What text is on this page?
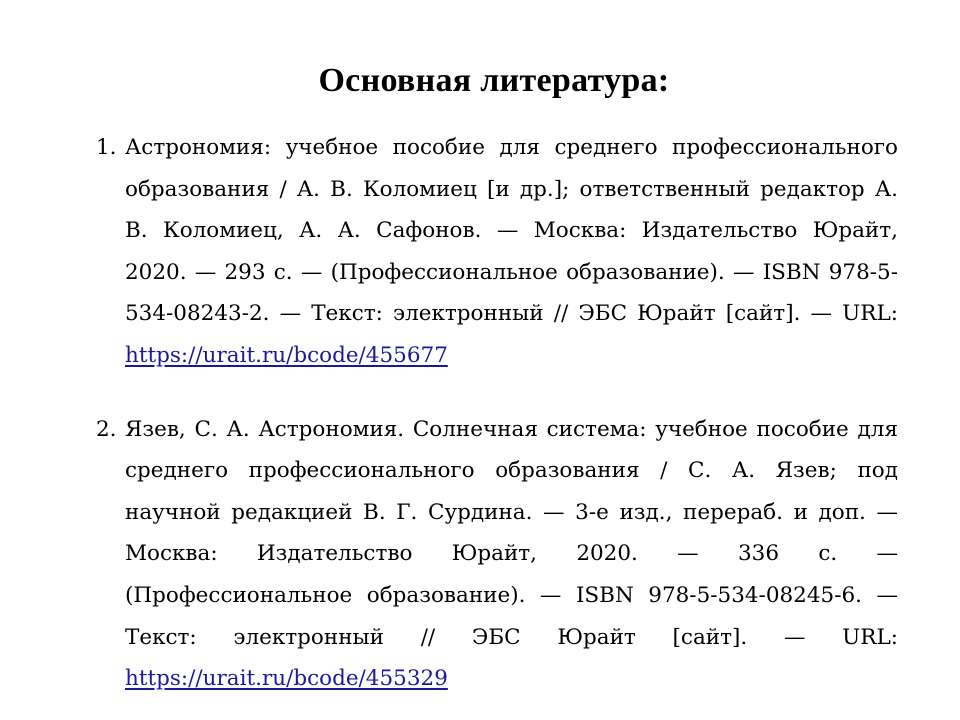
Основная литература:
1. Астрономия: учебное пособие для среднего профессионального образования / А. В. Коломиец [и др.]; ответственный редактор А. В. Коломиец, А. А. Сафонов. — Москва: Издательство Юрайт, 2020. — 293 с. — (Профессиональное образование). — ISBN 978-5-534-08243-2. — Текст: электронный // ЭБС Юрайт [сайт]. — URL: https://urait.ru/bcode/455677
2. Язев, С. А. Астрономия. Солнечная система: учебное пособие для среднего профессионального образования / С. А. Язев; под научной редакцией В. Г. Сурдина. — 3-е изд., перераб. и доп. — Москва: Издательство Юрайт, 2020. — 336 с. — (Профессиональное образование). — ISBN 978-5-534-08245-6. — Текст: электронный // ЭБС Юрайт [сайт]. — URL: https://urait.ru/bcode/455329
